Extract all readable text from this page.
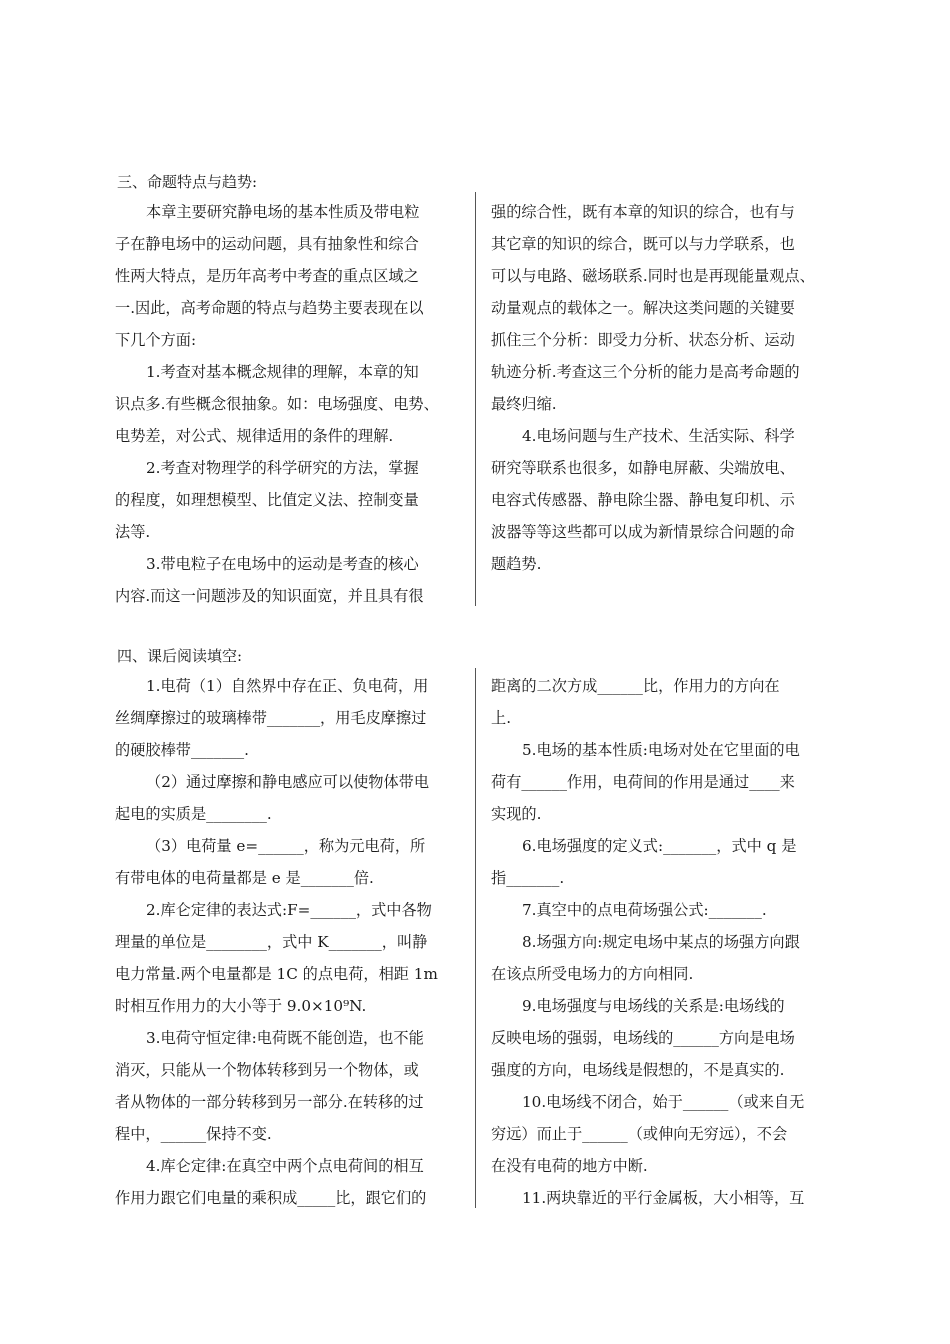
三、命题特点与趋势:
本章主要研究静电场的基本性质及带电粒
子在静电场中的运动问题，具有抽象性和综合
性两大特点，是历年高考中考查的重点区域之
一.因此，高考命题的特点与趋势主要表现在以
下几个方面:
1.考查对基本概念规律的理解，本章的知
识点多.有些概念很抽象。如：电场强度、电势、
电势差，对公式、规律适用的条件的理解.
2.考查对物理学的科学研究的方法，掌握
的程度，如理想模型、比值定义法、控制变量
法等.
3.带电粒子在电场中的运动是考查的核心
内容.而这一问题涉及的知识面宽，并且具有很
强的综合性，既有本章的知识的综合，也有与
其它章的知识的综合，既可以与力学联系，也
可以与电路、磁场联系.同时也是再现能量观点、
动量观点的载体之一。解决这类问题的关键要
抓住三个分析：即受力分析、状态分析、运动
轨迹分析.考查这三个分析的能力是高考命题的
最终归缩.
4.电场问题与生产技术、生活实际、科学
研究等联系也很多，如静电屏蔽、尖端放电、
电容式传感器、静电除尘器、静电复印机、示
波器等等这些都可以成为新情景综合问题的命
题趋势.
四、课后阅读填空:
1.电荷（1）自然界中存在正、负电荷，用
丝绸摩擦过的玻璃棒带_______，用毛皮摩擦过
的硬胶棒带_______.
（2）通过摩擦和静电感应可以使物体带电
起电的实质是________.
（3）电荷量 e=______，称为元电荷，所
有带电体的电荷量都是 e 是_______倍.
2.库仑定律的表达式:F=______，式中各物
理量的单位是________，式中 K_______，叫静
电力常量.两个电量都是 1C 的点电荷，相距 1m
时相互作用力的大小等于 9.0×10⁹N.
3.电荷守恒定律:电荷既不能创造，也不能
消灭，只能从一个物体转移到另一个物体，或
者从物体的一部分转移到另一部分.在转移的过
程中，______保持不变.
4.库仑定律:在真空中两个点电荷间的相互
作用力跟它们电量的乘积成_____比，跟它们的
距离的二次方成______比，作用力的方向在
上.
5.电场的基本性质:电场对处在它里面的电
荷有______作用，电荷间的作用是通过____来
实现的.
6.电场强度的定义式:_______，式中 q 是
指_______.
7.真空中的点电荷场强公式:_______.
8.场强方向:规定电场中某点的场强方向跟
在该点所受电场力的方向相同.
9.电场强度与电场线的关系是:电场线的
反映电场的强弱，电场线的______方向是电场
强度的方向，电场线是假想的，不是真实的.
10.电场线不闭合，始于______（或来自无
穷远）而止于______（或伸向无穷远），不会
在没有电荷的地方中断.
11.两块靠近的平行金属板，大小相等，互
